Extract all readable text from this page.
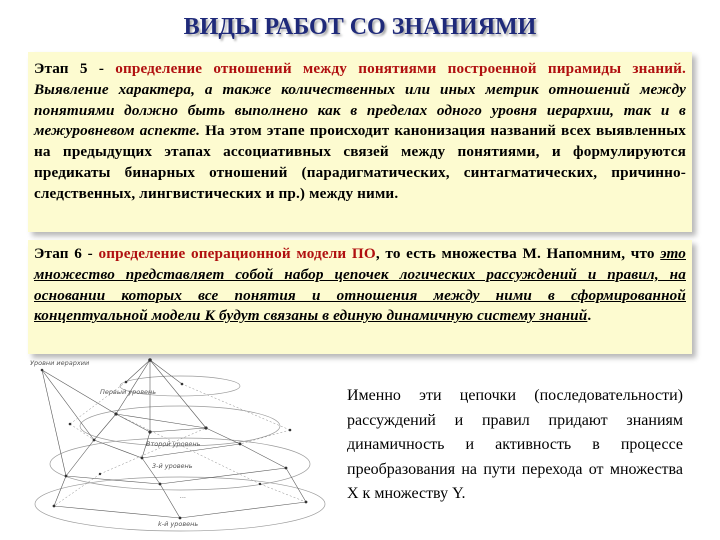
ВИДЫ РАБОТ СО ЗНАНИЯМИ
Этап 5 - определение отношений между понятиями построенной пирамиды знаний. Выявление характера, а также количественных или иных метрик отношений между понятиями должно быть выполнено как в пределах одного уровня иерархии, так и в межуровневом аспекте. На этом этапе происходит канонизация названий всех выявленных на предыдущих этапах ассоциативных связей между понятиями, и формулируются предикаты бинарных отношений (парадигматических, синтагматических, причинно-следственных, лингвистических и пр.) между ними.
Этап 6 - определение операционной модели ПО, то есть множества М. Напомним, что это множество представляет собой набор цепочек логических рассуждений и правил, на основании которых все понятия и отношения между ними в сформированной концептуальной модели К будут связаны в единую динамичную систему знаний.
Уровни иерархии
Первый уровень
Второй уровень
3-й уровень
...
k-й уровень
Именно эти цепочки (последовательности) рассуждений и правил придают знаниям динамичность и активность в процессе преобразования на пути перехода от множества Х к множеству Y.
